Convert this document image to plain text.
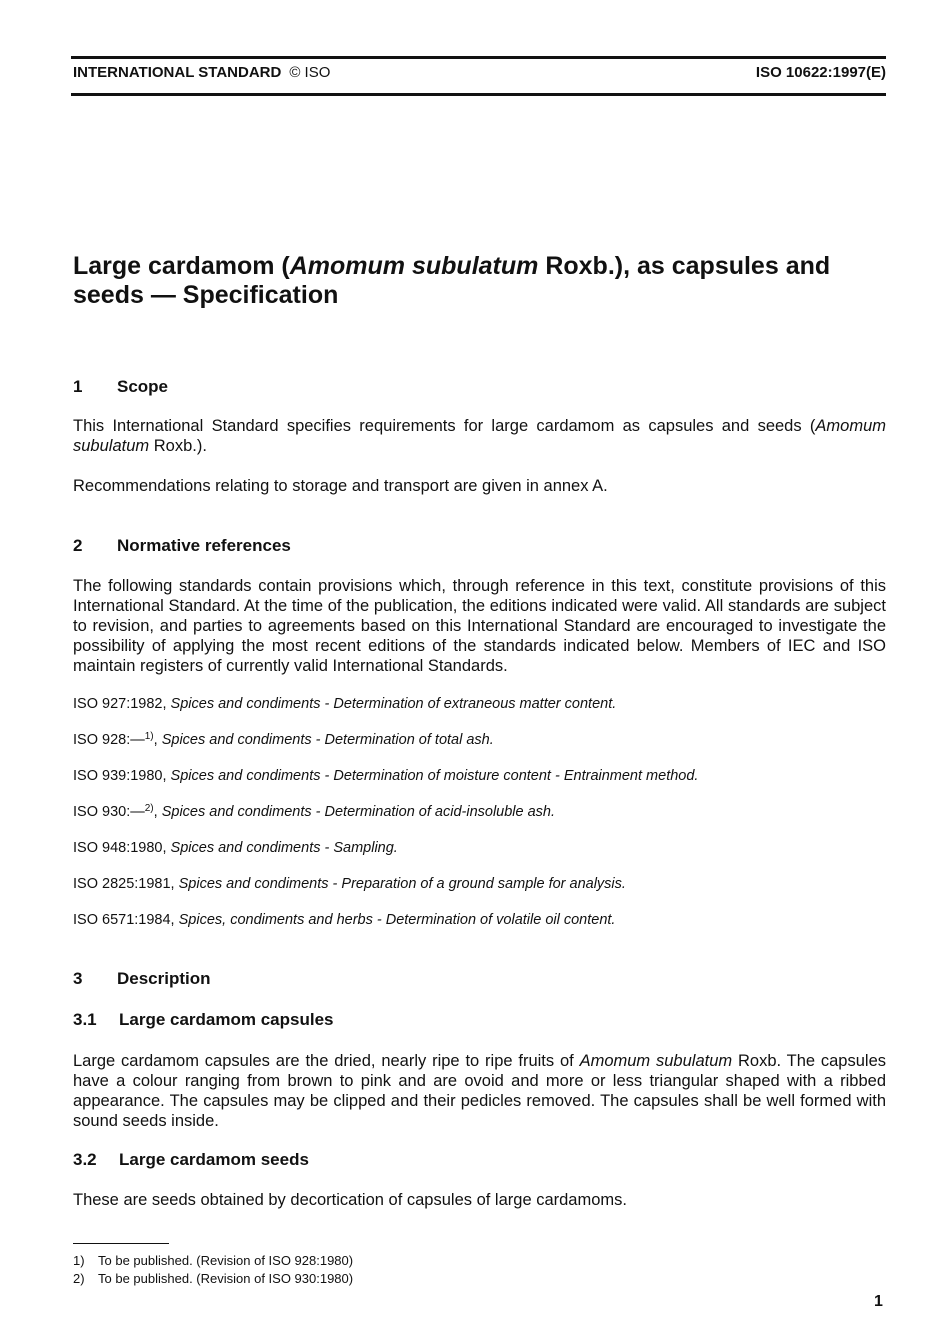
INTERNATIONAL STANDARD © ISO	ISO 10622:1997(E)
Large cardamom (Amomum subulatum Roxb.), as capsules and
seeds — Specification
1 Scope

This International Standard specifies requirements for large cardamom as capsules and seeds (Amomum subulatum Roxb.).

Recommendations relating to storage and transport are given in annex A.

2 Normative references

The following standards contain provisions which, through reference in this text, constitute provisions of this International Standard. At the time of the publication, the editions indicated were valid. All standards are subject to revision, and parties to agreements based on this International Standard are encouraged to investigate the possibility of applying the most recent editions of the standards indicated below. Members of IEC and ISO maintain registers of currently valid International Standards.

ISO 927:1982, Spices and condiments - Determination of extraneous matter content.

ISO 928:—$^{1)}$, Spices and condiments - Determination of total ash.

ISO 939:1980, Spices and condiments - Determination of moisture content - Entrainment method.

ISO 930:—$^{2)}$, Spices and condiments - Determination of acid-insoluble ash.

ISO 948:1980, Spices and condiments - Sampling.

ISO 2825:1981, Spices and condiments - Preparation of a ground sample for analysis.

ISO 6571:1984, Spices, condiments and herbs - Determination of volatile oil content.

3 Description
3.1 Large cardamom capsules

Large cardamom capsules are the dried, nearly ripe to ripe fruits of Amomum subulatum Roxb. The capsules have a colour ranging from brown to pink and are ovoid and more or less triangular shaped with a ribbed appearance. The capsules may be clipped and their pedicles removed. The capsules shall be well formed with sound seeds inside.

3.2 Large cardamom seeds

These are seeds obtained by decortication of capsules of large cardamoms.

1) To be published. (Revision of ISO 928:1980)

2) To be published. (Revision of ISO 930:1980)

1
